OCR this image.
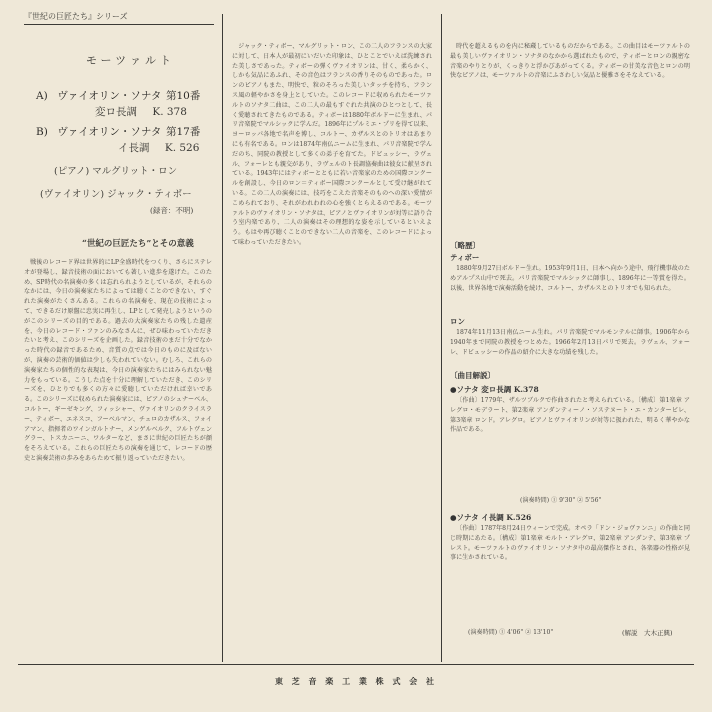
『世紀の巨匠たち』シリーズ
モーツァルト
A) ヴァイオリン・ソナタ 第10番
変ロ長調 K. 378
B) ヴァイオリン・ソナタ 第17番
イ長調 K. 526
(ピアノ) マルグリット・ロン
(ヴァイオリン) ジャック・ティボー
(録音：不明)
“世紀の巨匠たち”とその意義

戦後のレコード界は世界的にLP全盛時代をつくり、さらにステレオが登場し、録音技術の面においても著しい進歩を遂げた。このため、SP時代の名演奏の多くは忘れられようとしているが、それらのなかには、今日の演奏家たちによっては聴くことのできない、すぐれた演奏がたくさんある。これらの名演奏を、現在の技術によって、できるだけ原盤に忠実に再生し、LPとして発売しようというのがこのシリーズの目的である。過去の大演奏家たちの残した遺産を、今日のレコード・ファンのみなさんに、ぜひ味わっていただきたいと考え、このシリーズを企画した。録音技術のまだ十分でなかった時代の録音であるため、音質の点では今日のものに及ばないが、演奏の芸術的価値は少しも失われていない。むしろ、これらの演奏家たちの個性的な表現は、今日の演奏家たちにはみられない魅力をもっている。こうした点を十分に理解していただき、このシリーズを、ひとりでも多くの方々に愛聴していただければ幸いである。このシリーズに収められた演奏家には、ピアノのシュナーベル、コルトー、ギーゼキング、フィッシャー、ヴァイオリンのクライスラー、ティボー、エネスコ、フーベルマン、チェロのカザルス、フォイアマン、指揮者のワインガルトナー、メンゲルベルク、フルトヴェングラー、トスカニーニ、ワルターなど、まさに世紀の巨匠たちが顔をそろえている。これらの巨匠たちの演奏を通じて、レコードの歴史と演奏芸術の歩みをあらためて振り返っていただきたい。

ジャック・ティボー、マルグリット・ロン、この二人のフランスの大家に対して、日本人が最初にいだいた印象は、ひとことでいえば洗練された美しさであった。ティボーの弾くヴァイオリンは、甘く、柔らかく、しかも気品にあふれ、その音色はフランスの香りそのものであった。ロンのピアノもまた、明快で、粒のそろった美しいタッチを持ち、フランス風の軽やかさを身上としていた。このレコードに収められたモーツァルトのソナタ二曲は、この二人の最もすぐれた共演のひとつとして、長く愛聴されてきたものである。ティボーは1880年ボルドーに生まれ、パリ音楽院でマルシックに学んだ。1896年にプルミエ・プリを得て以来、ヨーロッパ各地で名声を博し、コルトー、カザルスとのトリオはあまりにも有名である。ロンは1874年南仏ニームに生まれ、パリ音楽院で学んだのち、同院の教授として多くの弟子を育てた。ドビュッシー、ラヴェル、フォーレとも親交があり、ラヴェルのト長調協奏曲は彼女に献呈されている。1943年にはティボーとともに若い音楽家のための国際コンクールを創設し、今日のロン＝ティボー国際コンクールとして受け継がれている。この二人の演奏には、技巧をこえた音楽そのものへの深い愛情がこめられており、それがわれわれの心を強くとらえるのである。モーツァルトのヴァイオリン・ソナタは、ピアノとヴァイオリンが対等に語り合う室内楽であり、二人の演奏はその理想的な姿を示しているといえよう。もはや再び聴くことのできない二人の音楽を、このレコードによって味わっていただきたい。

時代を超えるものを内に秘蔵しているものだからである。この曲目はモーツァルトの最も美しいヴァイオリン・ソナタのなかから選ばれたもので、ティボーとロンの親密な音楽のやりとりが、くっきりと浮かびあがってくる。ティボーの甘美な音色とロンの明快なピアノは、モーツァルトの音楽にふさわしい気品と優雅さをそなえている。

〔略歴〕
ティボー

1880年9月27日ボルドー生れ。1953年9月1日、日本へ向かう途中、飛行機事故のためアルプス山中で死去。パリ音楽院でマルシックに師事し、1896年に一等賞を得た。以後、世界各地で演奏活動を続け、コルトー、カザルスとのトリオでも知られた。

ロン

1874年11月13日南仏ニーム生れ。パリ音楽院でマルモンテルに師事。1906年から1940年まで同院の教授をつとめた。1966年2月13日パリで死去。ラヴェル、フォーレ、ドビュッシーの作品の紹介に大きな功績を残した。

〔曲目解説〕
●ソナタ 変ロ長調 K.378

〔作曲〕1779年、ザルツブルクで作曲されたと考えられている。〔構成〕第1楽章 アレグロ・モデラート、第2楽章 アンダンティーノ・ソステヌート・エ・カンタービレ、第3楽章 ロンド。アレグロ。ピアノとヴァイオリンが対等に扱われた、明るく華やかな作品である。

(演奏時間) ① 9'30" ② 5'56"
●ソナタ イ長調 K.526

〔作曲〕1787年8月24日ウィーンで完成。オペラ「ドン・ジョヴァンニ」の作曲と同じ時期にあたる。〔構成〕第1楽章 モルト・アレグロ、第2楽章 アンダンテ、第3楽章 プレスト。モーツァルトのヴァイオリン・ソナタ中の最高傑作とされ、各楽器の性格が見事に生かされている。

(演奏時間) ① 4'06" ② 13'10"	(解説　大木正興)
東 芝 音 楽 工 業 株 式 会 社
